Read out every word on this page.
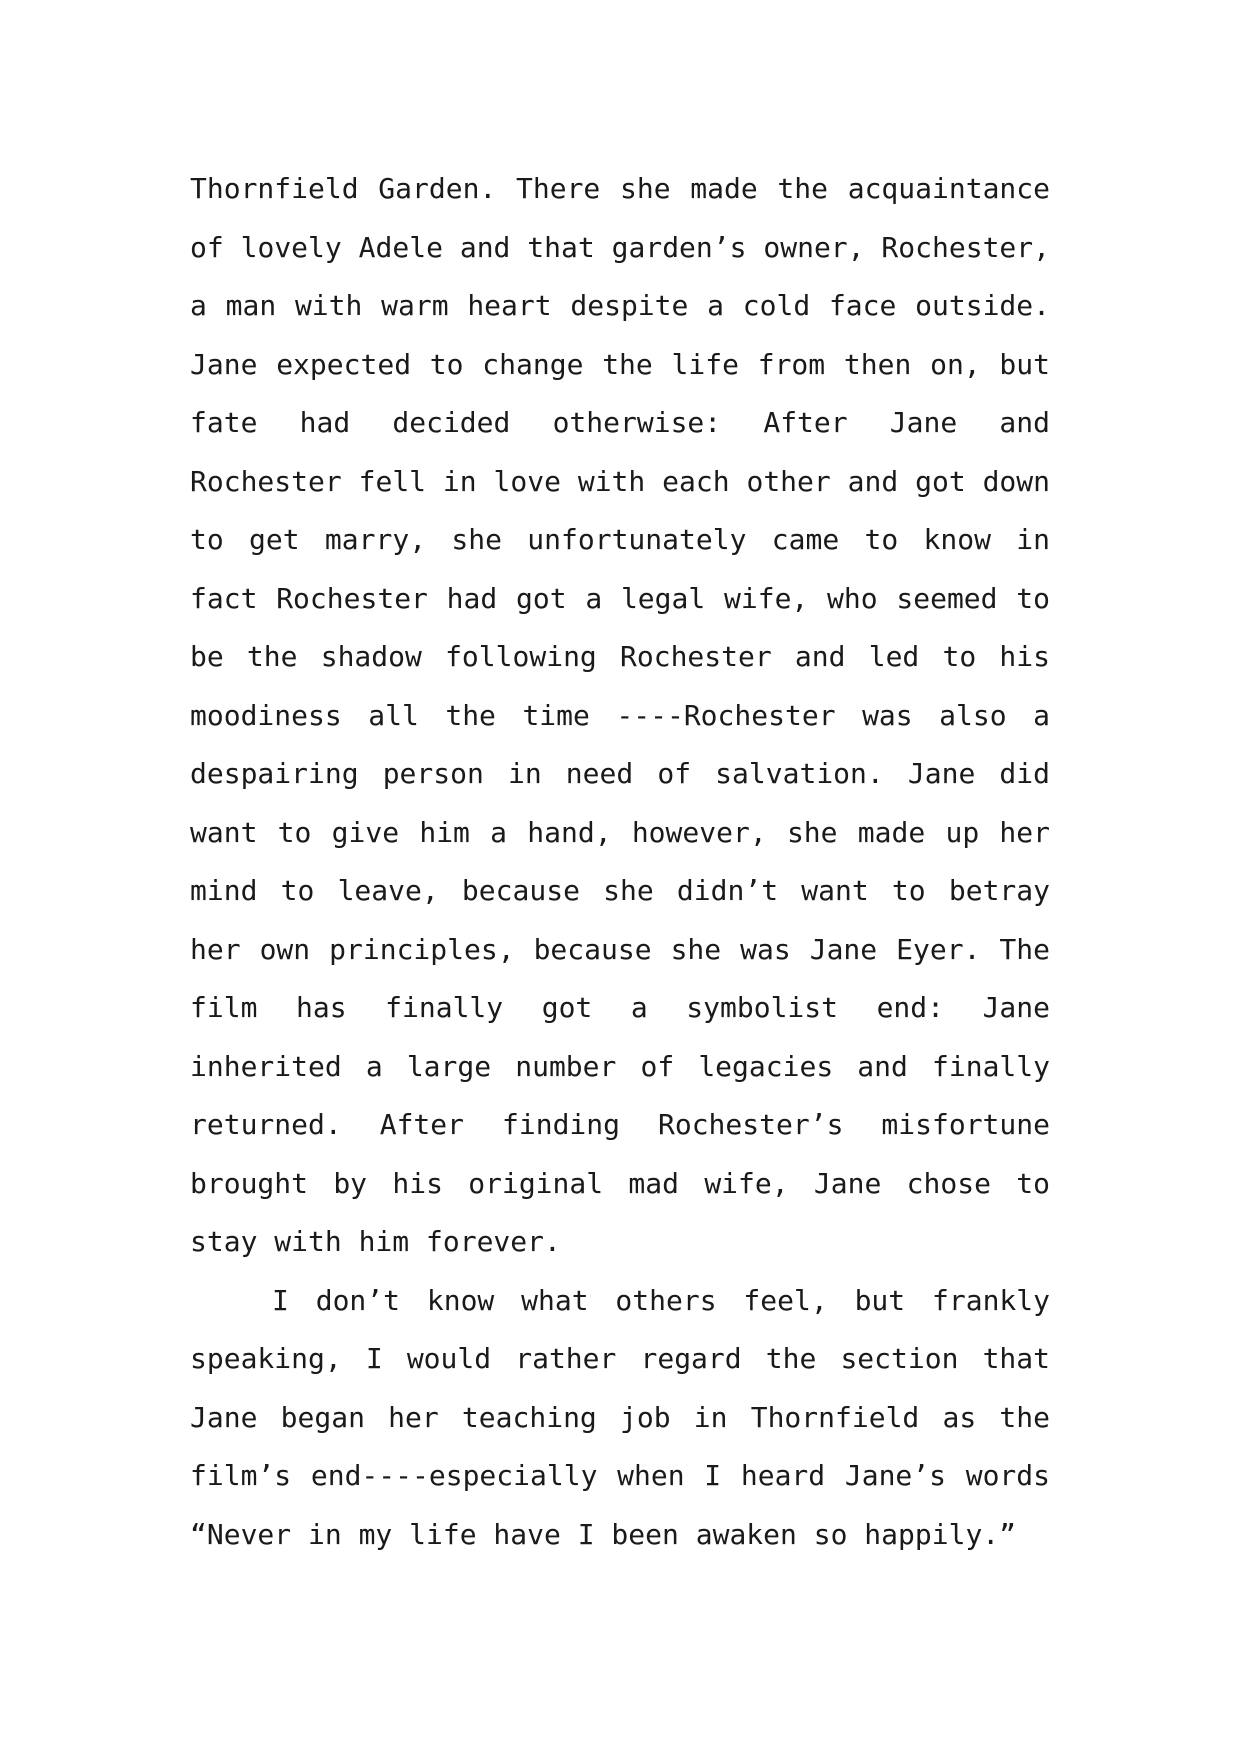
Thornfield Garden. There she made the acquaintance
of lovely Adele and that garden’s owner, Rochester,
a man with warm heart despite a cold face outside.
Jane expected to change the life from then on, but
fate had decided otherwise: After Jane and
Rochester fell in love with each other and got down
to get marry, she unfortunately came to know in
fact Rochester had got a legal wife, who seemed to
be the shadow following Rochester and led to his
moodiness all the time ----Rochester was also a
despairing person in need of salvation. Jane did
want to give him a hand, however, she made up her
mind to leave, because she didn’t want to betray
her own principles, because she was Jane Eyer. The
film has finally got a symbolist end: Jane
inherited a large number of legacies and finally
returned. After finding Rochester’s misfortune
brought by his original mad wife, Jane chose to
stay with him forever.
I don’t know what others feel, but frankly
speaking, I would rather regard the section that
Jane began her teaching job in Thornfield as the
film’s end----especially when I heard Jane’s words
“Never in my life have I been awaken so happily.”
